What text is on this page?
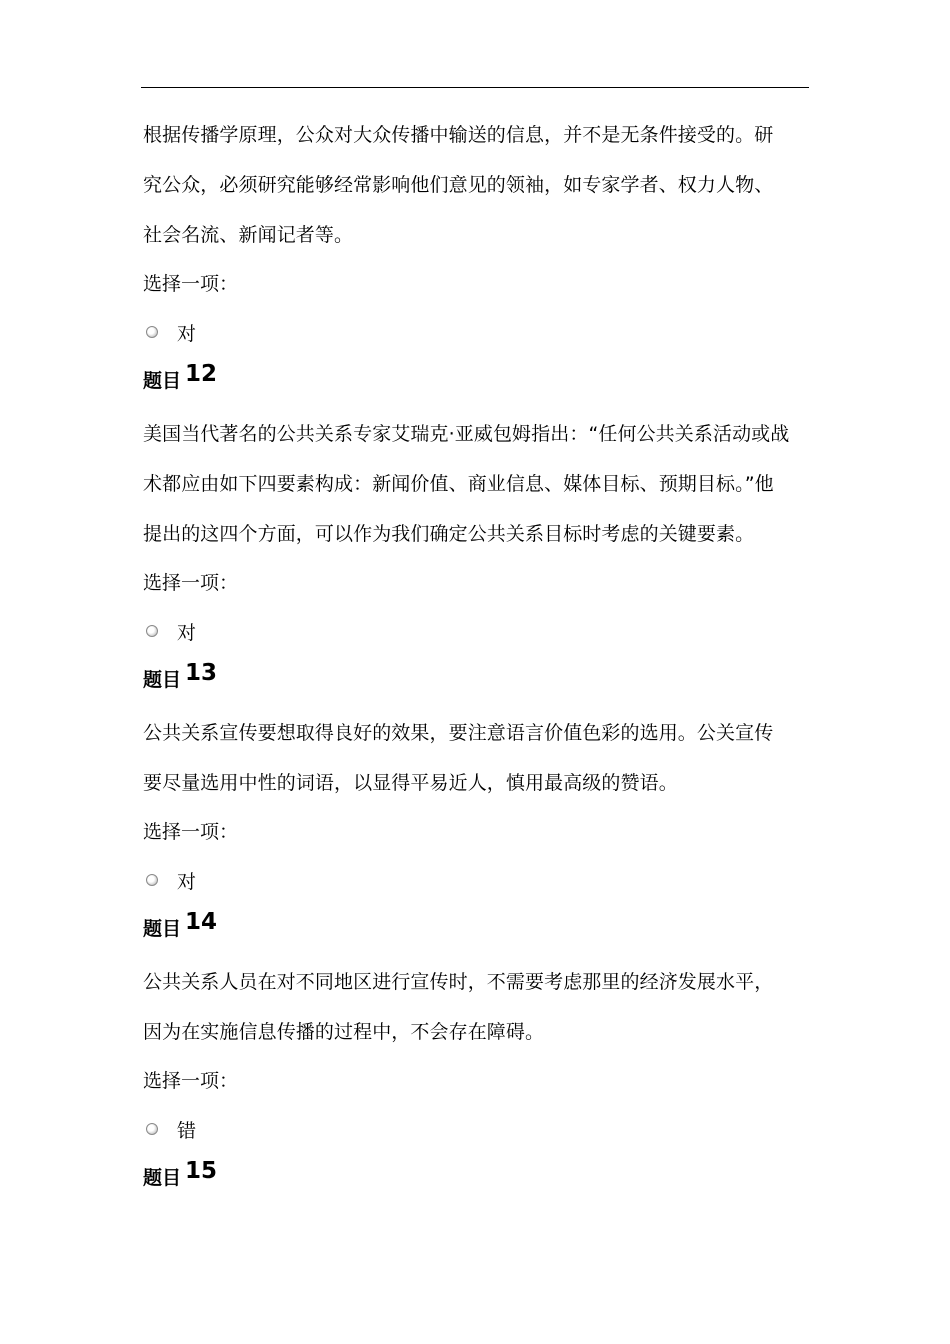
根据传播学原理，公众对大众传播中输送的信息，并不是无条件接受的。研
究公众，必须研究能够经常影响他们意见的领袖，如专家学者、权力人物、
社会名流、新闻记者等。

选择一项：

对
题目 12

美国当代著名的公共关系专家艾瑞克·亚威包姆指出：“任何公共关系活动或战
术都应由如下四要素构成：新闻价值、商业信息、媒体目标、预期目标。”他
提出的这四个方面，可以作为我们确定公共关系目标时考虑的关键要素。

选择一项：

对
题目 13

公共关系宣传要想取得良好的效果，要注意语言价值色彩的选用。公关宣传
要尽量选用中性的词语，以显得平易近人，慎用最高级的赞语。

选择一项：

对
题目 14

公共关系人员在对不同地区进行宣传时，不需要考虑那里的经济发展水平，
因为在实施信息传播的过程中，不会存在障碍。

选择一项：

错
题目 15
